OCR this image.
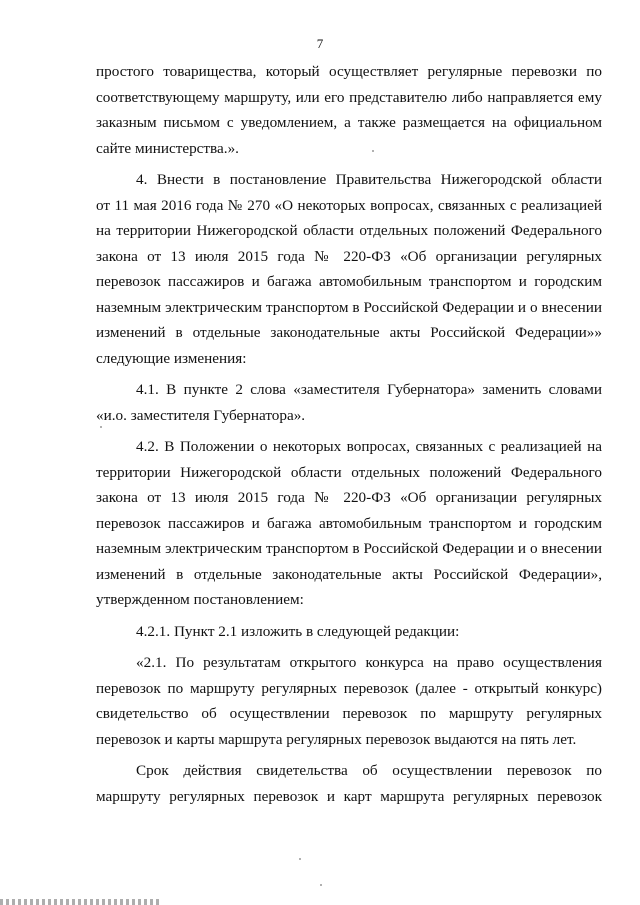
7
простого товарищества, который осуществляет регулярные перевозки по
соответствующему маршруту, или его представителю либо направляется ему
заказным письмом с уведомлением, а также размещается на официальном
сайте министерства.».
4. Внести в постановление Правительства Нижегородской области
от 11 мая 2016 года № 270 «О некоторых вопросах, связанных с реализацией
на территории Нижегородской области отдельных положений Федерального
закона от 13 июля 2015 года № 220-ФЗ «Об организации регулярных
перевозок пассажиров и багажа автомобильным транспортом и городским
наземным электрическим транспортом в Российской Федерации и о внесении
изменений в отдельные законодательные акты Российской Федерации»»
следующие изменения:
4.1. В пункте 2 слова «заместителя Губернатора» заменить словами
«и.о. заместителя Губернатора».
4.2. В Положении о некоторых вопросах, связанных с реализацией на
территории Нижегородской области отдельных положений Федерального
закона от 13 июля 2015 года № 220-ФЗ «Об организации регулярных
перевозок пассажиров и багажа автомобильным транспортом и городским
наземным электрическим транспортом в Российской Федерации и о внесении
изменений в отдельные законодательные акты Российской Федерации»,
утвержденном постановлением:
4.2.1. Пункт 2.1 изложить в следующей редакции:
«2.1. По результатам открытого конкурса на право осуществления
перевозок по маршруту регулярных перевозок (далее - открытый конкурс)
свидетельство об осуществлении перевозок по маршруту регулярных
перевозок и карты маршрута регулярных перевозок выдаются на пять лет.
Срок действия свидетельства об осуществлении перевозок по
маршруту регулярных перевозок и карт маршрута регулярных перевозок
